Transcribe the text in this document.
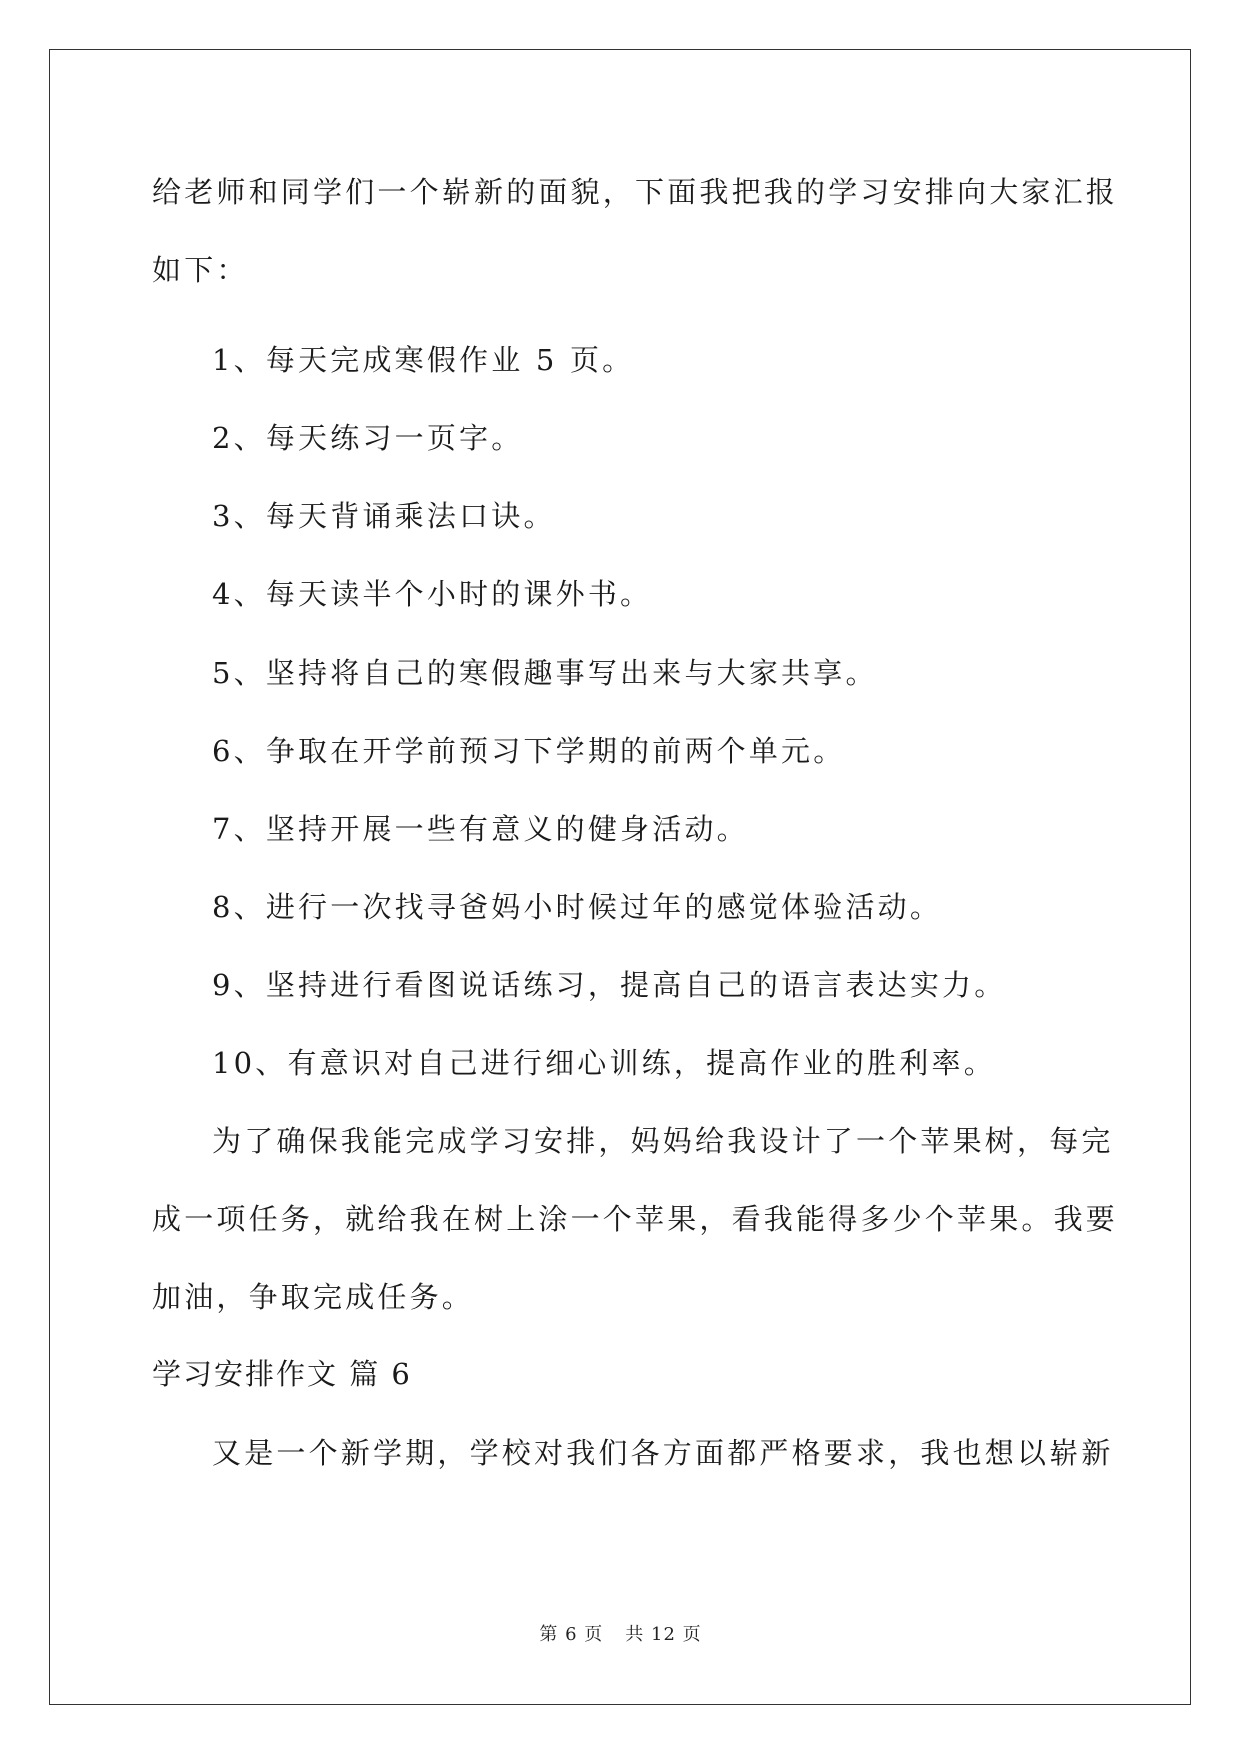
给老师和同学们一个崭新的面貌，下面我把我的学习安排向大家汇报
如下：
1、每天完成寒假作业 5 页。
2、每天练习一页字。
3、每天背诵乘法口诀。
4、每天读半个小时的课外书。
5、坚持将自己的寒假趣事写出来与大家共享。
6、争取在开学前预习下学期的前两个单元。
7、坚持开展一些有意义的健身活动。
8、进行一次找寻爸妈小时候过年的感觉体验活动。
9、坚持进行看图说话练习，提高自己的语言表达实力。
10、有意识对自己进行细心训练，提高作业的胜利率。
为了确保我能完成学习安排，妈妈给我设计了一个苹果树，每完
成一项任务，就给我在树上涂一个苹果，看我能得多少个苹果。我要
加油，争取完成任务。
学习安排作文 篇 6
又是一个新学期，学校对我们各方面都严格要求，我也想以崭新
第 6 页 共 12 页
